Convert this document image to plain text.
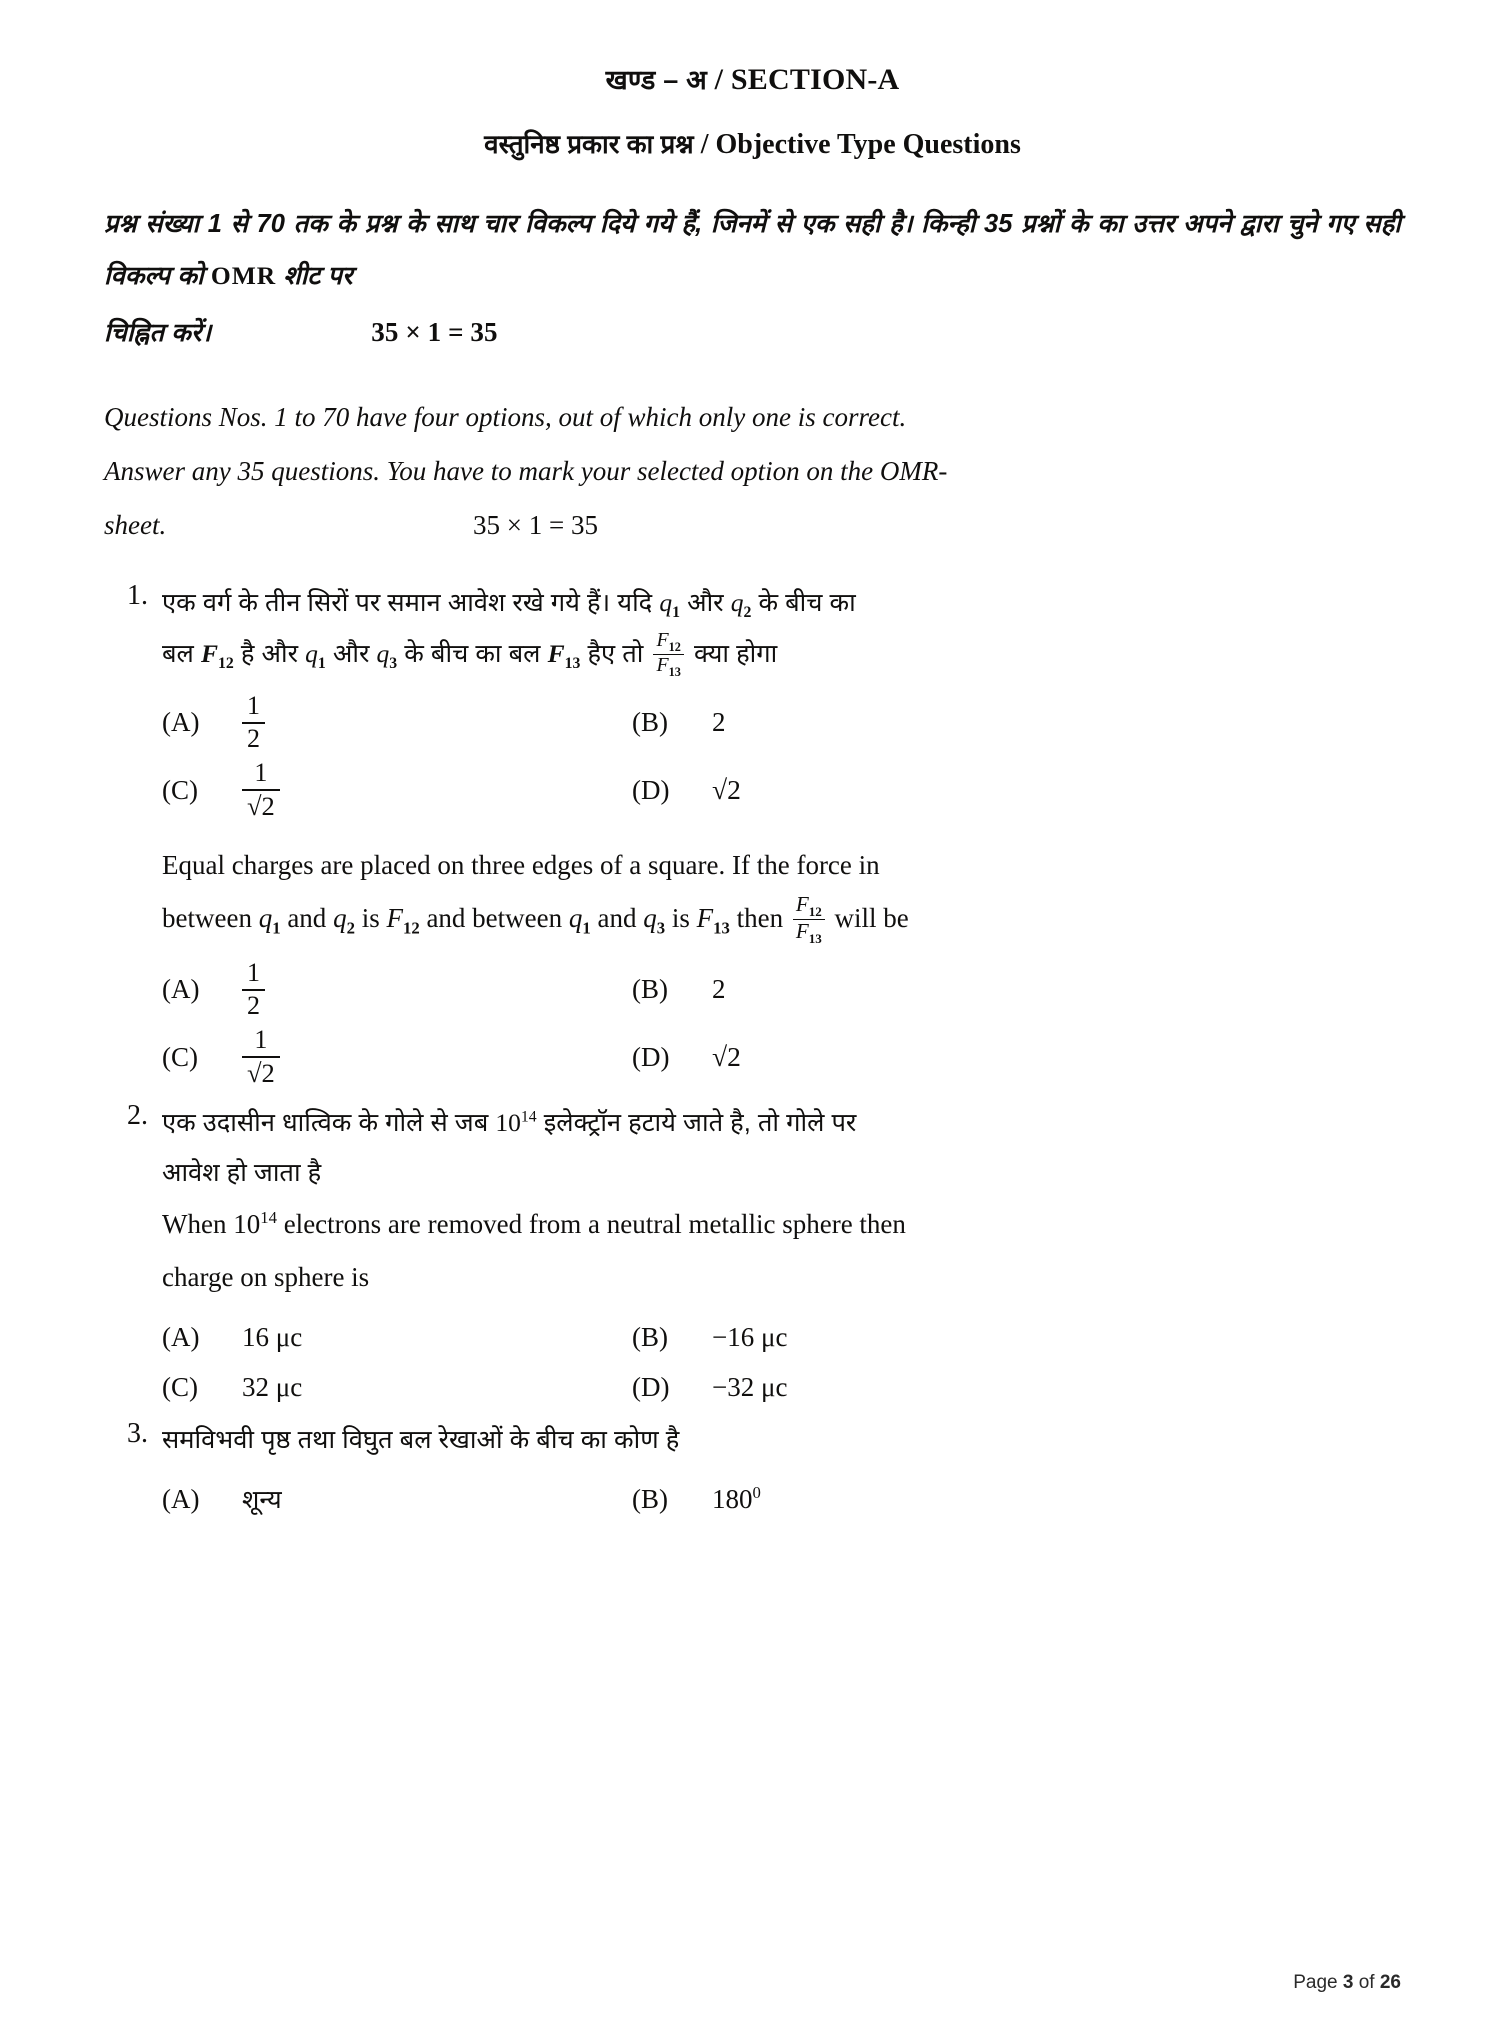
खण्ड – अ / SECTION-A
वस्तुनिष्ठ प्रकार का प्रश्न / Objective Type Questions
प्रश्न संख्या 1 से 70 तक के प्रश्न के साथ चार विकल्प दिये गये हैं, जिनमें से एक सही है। किन्ही 35 प्रश्नों के का उत्तर अपने द्वारा चुने गए सही विकल्प को OMR शीट पर
चिह्नित करें।	35 × 1 = 35
Questions Nos. 1 to 70 have four options, out of which only one is correct.
Answer any 35 questions. You have to mark your selected option on the OMR-
sheet.	35 × 1 = 35
1. एक वर्ग के तीन सिरों पर समान आवेश रखे गये हैं। यदि $q_1$ और $q_2$ के बीच का
बल $F_{12}$ है और $q_1$ और $q_3$ के बीच का बल $F_{13}$ हैए तो $\frac{F_{12}}{F_{13}}$ क्या होगा
(A)	$\frac{1}{2}$	(B)	2
(C)	$\frac{1}{√2}$	(D)	√2
Equal charges are placed on three edges of a square. If the force in
between $q_1$ and $q_2$ is $F_{12}$ and between $q_1$ and $q_3$ is $F_{13}$ then $\frac{F_{12}}{F_{13}}$ will be
(A)	$\frac{1}{2}$	(B)	2
(C)	$\frac{1}{√2}$	(D)	√2
2. एक उदासीन धात्विक के गोले से जब $10^{14}$ इलेक्ट्रॉन हटाये जाते है, तो गोले पर
आवेश हो जाता है
When $10^{14}$ electrons are removed from a neutral metallic sphere then
charge on sphere is
(A)	16 μc	(B)	−16 μc
(C)	32 μc	(D)	−32 μc
3. समविभवी पृष्ठ तथा विघुत बल रेखाओं के बीच का कोण है
(A)	शून्य	(B)	$180^0$
Page 3 of 26
